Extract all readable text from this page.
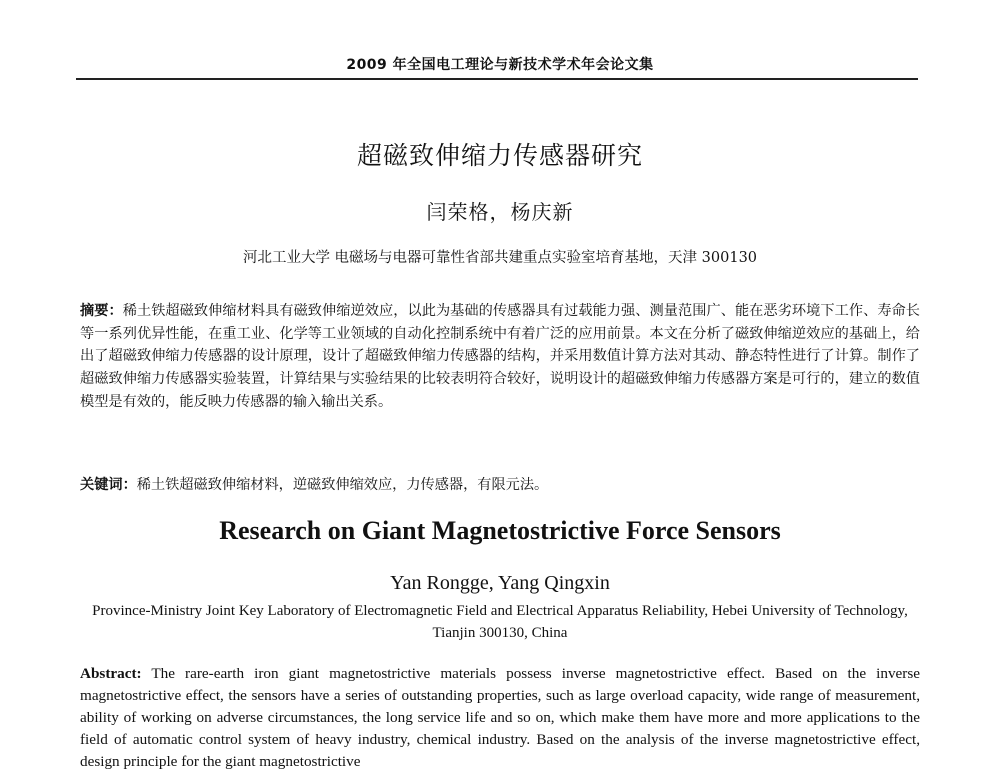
2009 年全国电工理论与新技术学术年会论文集
超磁致伸缩力传感器研究
闫荣格，杨庆新
河北工业大学 电磁场与电器可靠性省部共建重点实验室培育基地，天津 300130
摘要：稀土铁超磁致伸缩材料具有磁致伸缩逆效应，以此为基础的传感器具有过载能力强、测量范围广、能在恶劣环境下工作、寿命长等一系列优异性能，在重工业、化学等工业领域的自动化控制系统中有着广泛的应用前景。本文在分析了磁致伸缩逆效应的基础上，给出了超磁致伸缩力传感器的设计原理，设计了超磁致伸缩力传感器的结构，并采用数值计算方法对其动、静态特性进行了计算。制作了超磁致伸缩力传感器实验装置，计算结果与实验结果的比较表明符合较好，说明设计的超磁致伸缩力传感器方案是可行的，建立的数值模型是有效的，能反映力传感器的输入输出关系。
关键词：稀土铁超磁致伸缩材料，逆磁致伸缩效应，力传感器，有限元法。
Research on Giant Magnetostrictive Force Sensors
Yan Rongge, Yang Qingxin
Province-Ministry Joint Key Laboratory of Electromagnetic Field and Electrical Apparatus Reliability, Hebei University of Technology, Tianjin 300130, China
Abstract: The rare-earth iron giant magnetostrictive materials possess inverse magnetostrictive effect. Based on the inverse magnetostrictive effect, the sensors have a series of outstanding properties, such as large overload capacity, wide range of measurement, ability of working on adverse circumstances, the long service life and so on, which make them have more and more applications to the field of automatic control system of heavy industry, chemical industry. Based on the analysis of the inverse magnetostrictive effect, design principle for the giant magnetostrictive
